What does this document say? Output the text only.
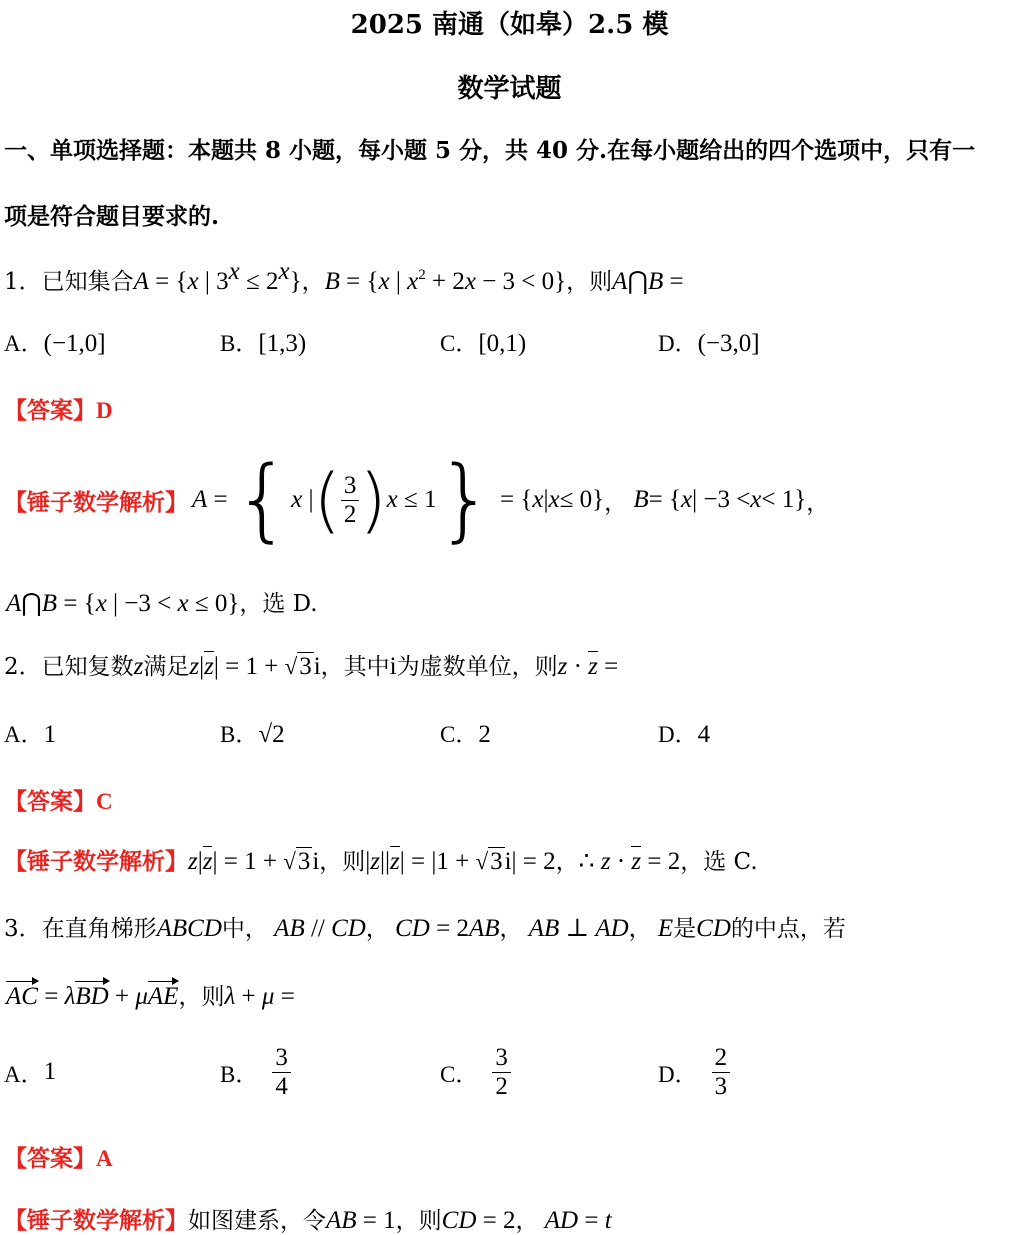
2025 南通（如皋）2.5 模
数学试题
一、单项选择题：本题共 8 小题，每小题 5 分，共 40 分.在每小题给出的四个选项中，只有一
项是符合题目要求的.
1．已知集合A = {x | $3^x \le 2^x$}，B = {x | $x^2 + 2x - 3 < 0$}，则A⋂B =
A．(−1,0]	B．[1,3)	C．[0,1)	D．(−3,0]
【答案】D
【锤子数学解析】 A = { x | ( $\frac{3}{2}$ ) x ≤ 1 } = { x | x ≤ 0} ， B = { x | −3 < x < 1} ，
A⋂B = {x | −3 < x ≤ 0}，选 D.
2．已知复数z满足z|z| = 1 + √3i，其中i为虚数单位，则z · z =
A．1	B．√2	C．2	D．4
【答案】C
【锤子数学解析】z|z| = 1 + √3i，则|z||z| = |1 + √3i| = 2，∴ z · z = 2，选 C.
3．在直角梯形ABCD中， AB // CD， CD = 2AB， AB ⊥ AD， E是CD的中点，若
AC = λBD + μAE，则λ + μ =
A． 1	B． $\frac{3}{4}$	C． $\frac{3}{2}$	D． $\frac{2}{3}$
【答案】A
【锤子数学解析】如图建系，令AB = 1，则CD = 2， AD = t
